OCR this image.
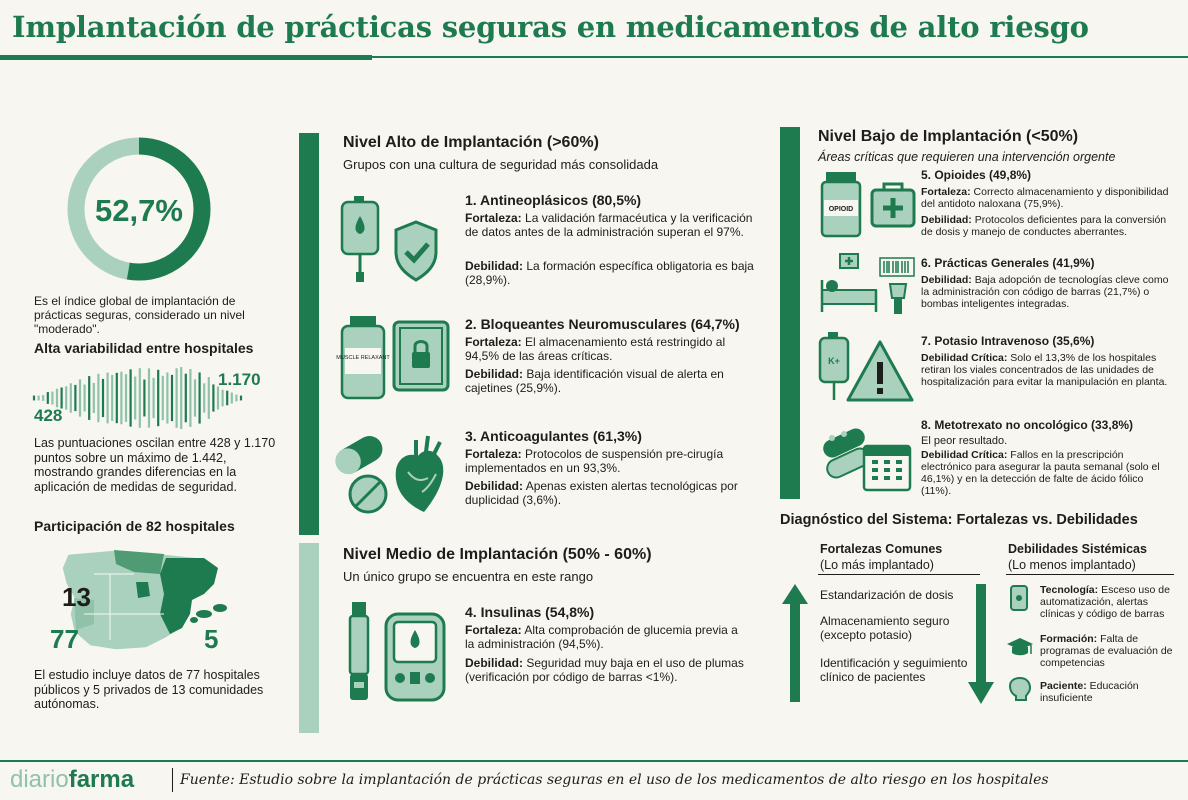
Implantación de prácticas seguras en medicamentos de alto riesgo
52,7%
Es el índice global de implantación de prácticas seguras, considerado un nivel "moderado".
Alta variabilidad entre hospitales
1.170
428
Las puntuaciones oscilan entre 428 y 1.170 puntos sobre un máximo de 1.442, mostrando grandes diferencias en la aplicación de medidas de seguridad.
Participación de 82 hospitales
13
77	5
El estudio incluye datos de 77 hospitales públicos y 5 privados de 13 comunidades autónomas.
Nivel Alto de Implantación (>60%)
Grupos con una cultura de seguridad más consolidada
1. Antineoplásicos (80,5%)
Fortaleza: La validación farmacéutica y la verificación de datos antes de la administración superan el 97%.
Debilidad: La formación específica obligatoria es baja (28,9%).
MUSCLE RELAXANT
2. Bloqueantes Neuromusculares (64,7%)
Fortaleza: El almacenamiento está restringido al 94,5% de las áreas críticas.
Debilidad: Baja identificación visual de alerta en cajetines (25,9%).
3. Anticoagulantes (61,3%)
Fortaleza: Protocolos de suspensión pre-cirugía implementados en un 93,3%.
Debilidad: Apenas existen alertas tecnológicas por duplicidad (3,6%).
Nivel Medio de Implantación (50% - 60%)
Un único grupo se encuentra en este rango
4. Insulinas (54,8%)
Fortaleza: Alta comprobación de glucemia previa a la administración (94,5%).
Debilidad: Seguridad muy baja en el uso de plumas (verificación por código de barras <1%).
Nivel Bajo de Implantación (<50%)
Áreas críticas que requieren una intervención orgente
OPIOID
5. Opioides (49,8%)
Fortaleza: Correcto almacenamiento y disponibilidad del antidoto naloxana (75,9%).
Debilidad: Protocolos deficientes para la conversión de dosis y manejo de conductes aberrantes.
6. Prácticas Generales (41,9%)
Debilidad: Baja adopción de tecnologías cleve como la administración con código de barras (21,7%) o bombas inteligentes integradas.
K+
7. Potasio Intravenoso (35,6%)
Debilidad Crítica: Solo el 13,3% de los hospitales retiran los viales concentrados de las unidades de hospitalización para evitar la manipulación en planta.
8. Metotrexato no oncológico (33,8%)
El peor resultado.
Debilidad Crítica: Fallos en la prescripción electrónico para asegurar la pauta semanal (solo el 46,1%) y en la detección de falte de ácido fólico (11%).
Diagnóstico del Sistema: Fortalezas vs. Debilidades
Fortalezas Comunes
(Lo más implantado)
Estandarización de dosis
Almacenamiento seguro (excepto potasio)
Identificación y seguimiento clínico de pacientes
Debilidades Sistémicas
(Lo menos implantado)
Tecnología: Esceso uso de automatización, alertas clínicas y código de barras
Formación: Falta de programas de evaluación de competencias
Paciente: Educación insuficiente
diariofarma	Fuente: Estudio sobre la implantación de prácticas seguras en el uso de los medicamentos de alto riesgo en los hospitales
